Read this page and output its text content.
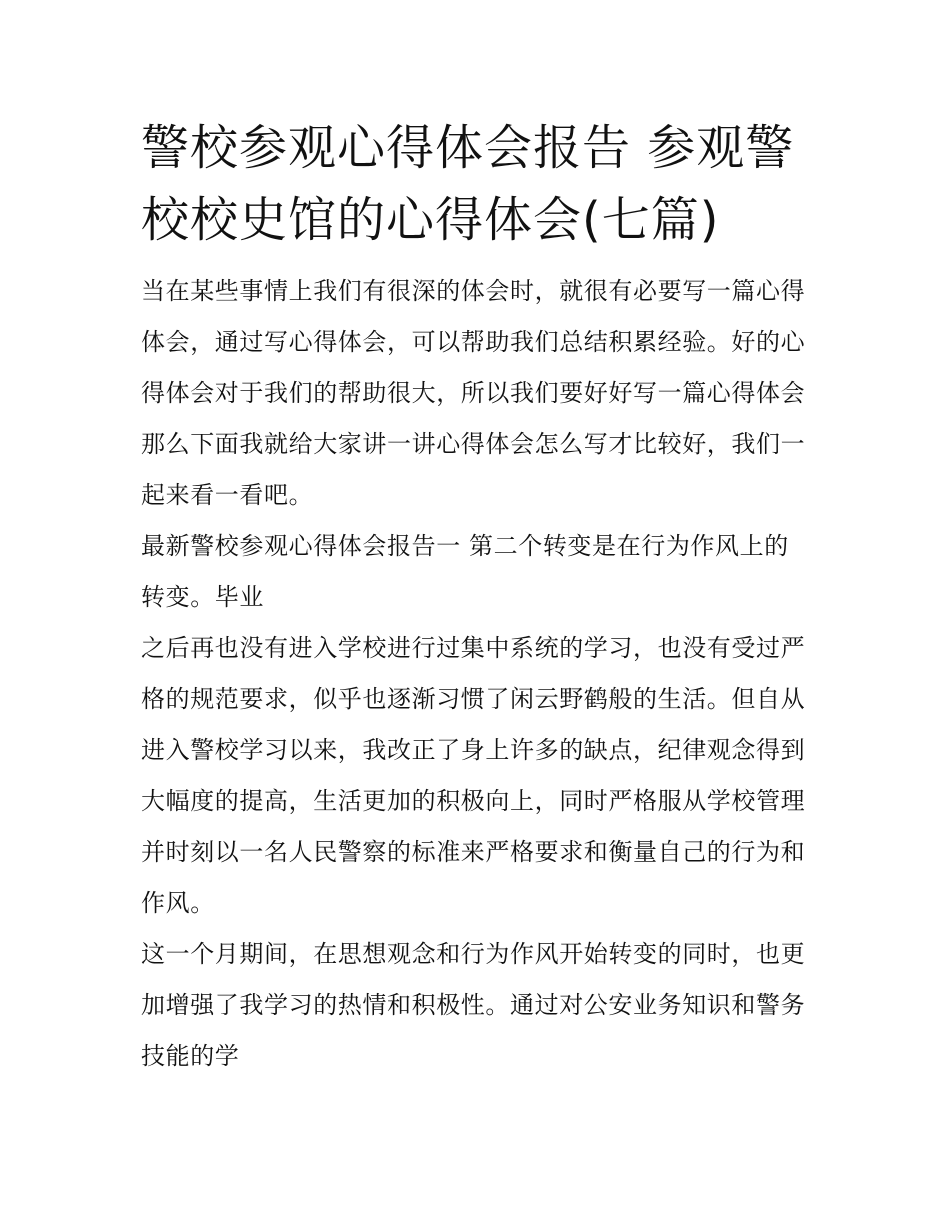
警校参观心得体会报告 参观警
校校史馆的心得体会(七篇)
当在某些事情上我们有很深的体会时，就很有必要写一篇心得
体会，通过写心得体会，可以帮助我们总结积累经验。好的心
得体会对于我们的帮助很大，所以我们要好好写一篇心得体会
那么下面我就给大家讲一讲心得体会怎么写才比较好，我们一
起来看一看吧。
最新警校参观心得体会报告一 第二个转变是在行为作风上的
转变。毕业
之后再也没有进入学校进行过集中系统的学习，也没有受过严
格的规范要求，似乎也逐渐习惯了闲云野鹤般的生活。但自从
进入警校学习以来，我改正了身上许多的缺点，纪律观念得到
大幅度的提高，生活更加的积极向上，同时严格服从学校管理
并时刻以一名人民警察的标准来严格要求和衡量自己的行为和
作风。
这一个月期间，在思想观念和行为作风开始转变的同时，也更
加增强了我学习的热情和积极性。通过对公安业务知识和警务
技能的学
